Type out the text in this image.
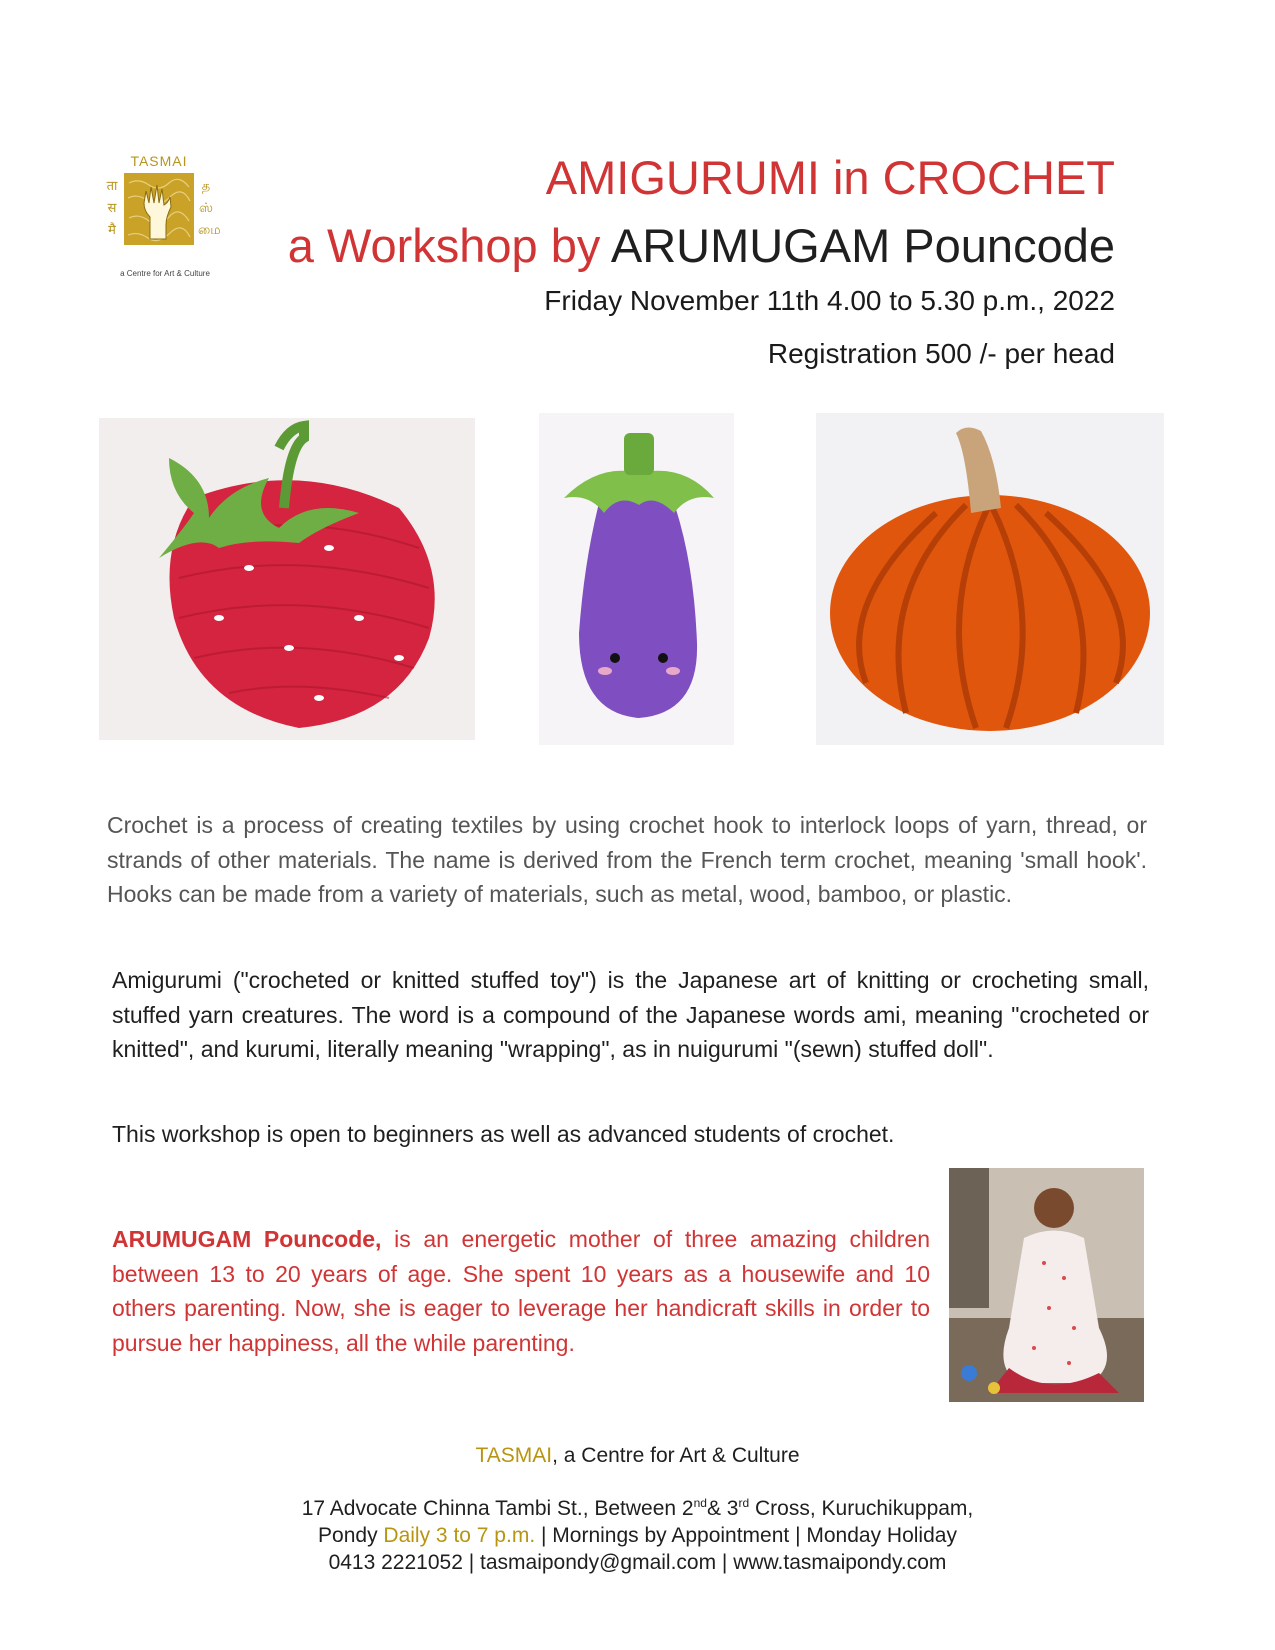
TASMAI
ता स मै
த ஸ் மை
a Centre for Art & Culture
AMIGURUMI in CROCHET
a Workshop by ARUMUGAM Pouncode
Friday November 11th 4.00 to 5.30 p.m., 2022
Registration 500 /- per head
Crochet is a process of creating textiles by using crochet hook to interlock loops of yarn, thread, or strands of other materials. The name is derived from the French term crochet, meaning 'small hook'. Hooks can be made from a variety of materials, such as metal, wood, bamboo, or plastic.
Amigurumi ("crocheted or knitted stuffed toy") is the Japanese art of knitting or crocheting small, stuffed yarn creatures. The word is a compound of the Japanese words ami, meaning "crocheted or knitted", and kurumi, literally meaning "wrapping", as in nuigurumi "(sewn) stuffed doll".
This workshop is open to beginners as well as advanced students of crochet.
ARUMUGAM Pouncode, is an energetic mother of three amazing children between 13 to 20 years of age. She spent 10 years as a housewife and 10 others parenting. Now, she is eager to leverage her handicraft skills in order to pursue her happiness, all the while parenting.
TASMAI, a Centre for Art & Culture
17 Advocate Chinna Tambi St., Between 2nd& 3rd Cross, Kuruchikuppam,
Pondy Daily 3 to 7 p.m. | Mornings by Appointment | Monday Holiday
0413 2221052 | tasmaipondy@gmail.com | www.tasmaipondy.com
